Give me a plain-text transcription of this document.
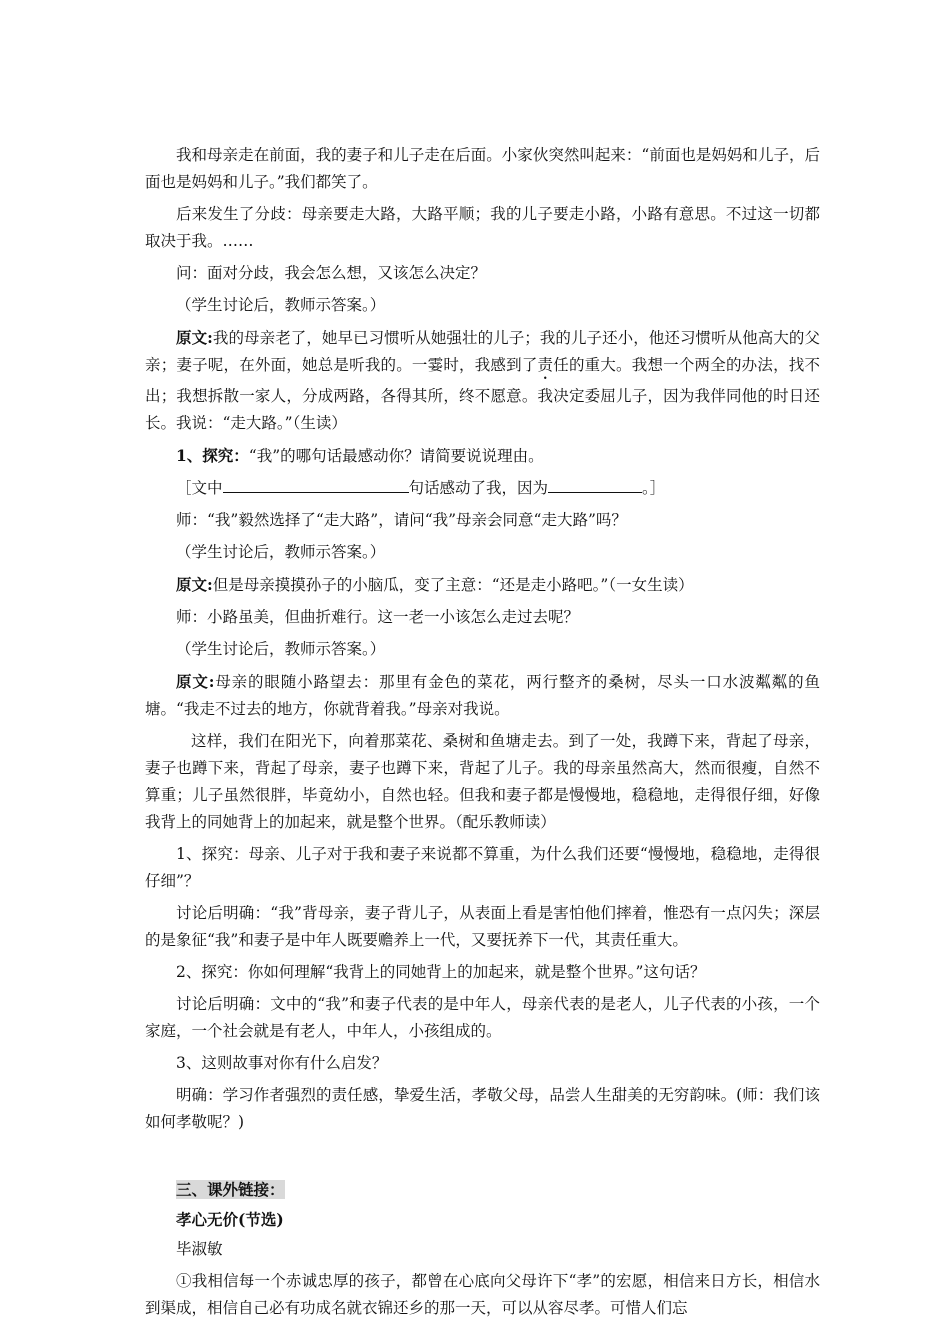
我和母亲走在前面，我的妻子和儿子走在后面。小家伙突然叫起来：“前面也是妈妈和儿子，后面也是妈妈和儿子。”我们都笑了。

后来发生了分歧：母亲要走大路，大路平顺；我的儿子要走小路，小路有意思。不过这一切都取决于我。……

问：面对分歧，我会怎么想，又该怎么决定？

（学生讨论后，教师示答案。）

原文:我的母亲老了，她早已习惯听从她强壮的儿子；我的儿子还小，他还习惯听从他高大的父亲；妻子呢，在外面，她总是听我的。一霎时，我感到了责任的重大。我想一个两全的办法，找不出；我想拆散一家人，分成两路，各得其所，终不愿意。我决定委屈儿子，因为我伴同他的时日还长。我说：“走大路。”（生读）

1、探究：“我”的哪句话最感动你？请简要说说理由。

［文中	句话感动了我，因为	。］

师：“我”毅然选择了“走大路”，请问“我”母亲会同意“走大路”吗？

（学生讨论后，教师示答案。）

原文:但是母亲摸摸孙子的小脑瓜，变了主意：“还是走小路吧。”（一女生读）

师：小路虽美，但曲折难行。这一老一小该怎么走过去呢？

（学生讨论后，教师示答案。）

原文:母亲的眼随小路望去：那里有金色的菜花，两行整齐的桑树，尽头一口水波粼粼的鱼塘。“我走不过去的地方，你就背着我。”母亲对我说。

这样，我们在阳光下，向着那菜花、桑树和鱼塘走去。到了一处，我蹲下来，背起了母亲，妻子也蹲下来，背起了母亲，妻子也蹲下来，背起了儿子。我的母亲虽然高大，然而很瘦，自然不算重；儿子虽然很胖，毕竟幼小，自然也轻。但我和妻子都是慢慢地，稳稳地，走得很仔细，好像我背上的同她背上的加起来，就是整个世界。（配乐教师读）

1、探究：母亲、儿子对于我和妻子来说都不算重，为什么我们还要“慢慢地，稳稳地，走得很仔细”？

讨论后明确：“我”背母亲，妻子背儿子，从表面上看是害怕他们摔着，惟恐有一点闪失；深层的是象征“我”和妻子是中年人既要赡养上一代，又要抚养下一代，其责任重大。

2、探究：你如何理解“我背上的同她背上的加起来，就是整个世界。”这句话？

讨论后明确：文中的“我”和妻子代表的是中年人，母亲代表的是老人，儿子代表的小孩，一个家庭，一个社会就是有老人，中年人，小孩组成的。

3、这则故事对你有什么启发？

明确：学习作者强烈的责任感，挚爱生活，孝敬父母，品尝人生甜美的无穷韵味。(师：我们该如何孝敬呢？)

三、课外链接：

孝心无价(节选)

毕淑敏

①我相信每一个赤诚忠厚的孩子，都曾在心底向父母许下“孝”的宏愿，相信来日方长，相信水到渠成，相信自己必有功成名就衣锦还乡的那一天，可以从容尽孝。可惜人们忘
